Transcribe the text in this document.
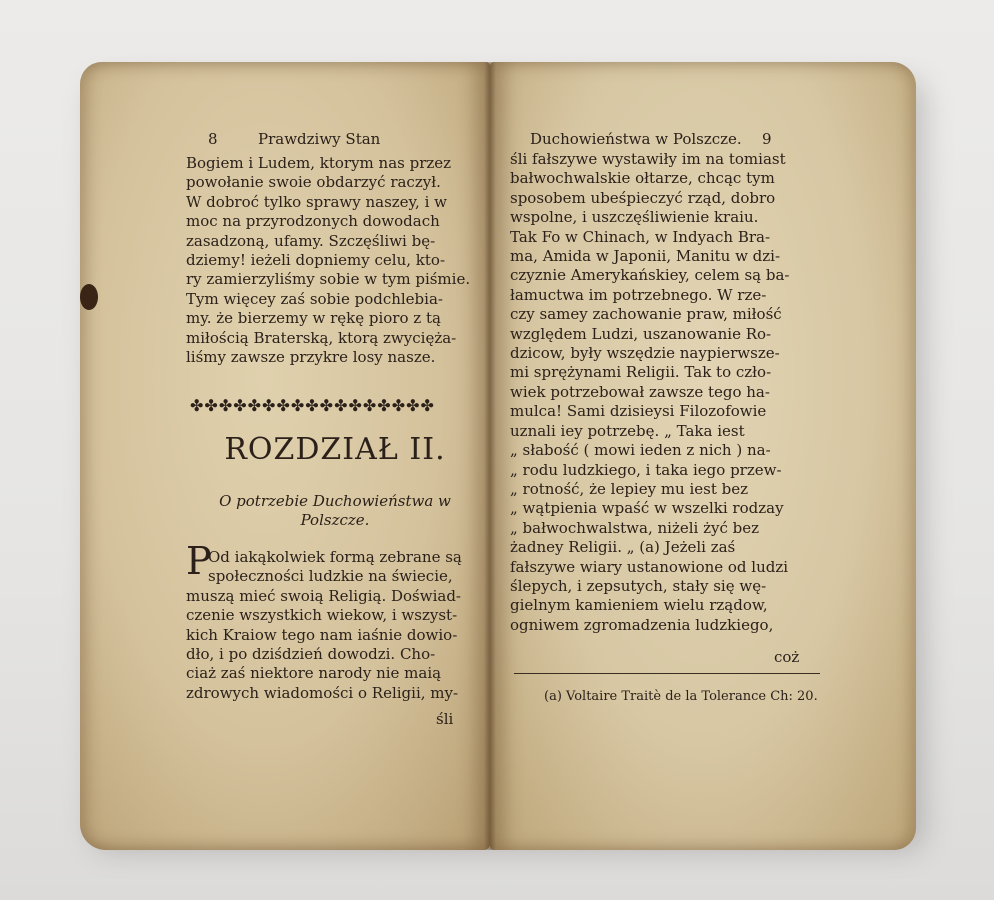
8	Prawdziwy Stan
Bogiem i Ludem, ktorym nas przez
powołanie swoie obdarzyć raczył.
W dobroć tylko sprawy naszey, i w
moc na przyrodzonych dowodach
zasadzoną, ufamy. Szczęśliwi bę-
dziemy! ieżeli dopniemy celu, kto-
ry zamierzyliśmy sobie w tym piśmie.
Tym więcey zaś sobie podchlebia-
my. że bierzemy w rękę pioro z tą
miłością Braterską, ktorą zwycięża-
liśmy zawsze przykre losy nasze.
✤✤✤✤✤✤✤✤✤✤✤✤✤✤✤✤✤
ROZDZIAŁ II.
O potrzebie Duchowieństwa w
Polszcze.
P
Od iakąkolwiek formą zebrane są
społeczności ludzkie na świecie,
muszą mieć swoią Religią. Doświad-
czenie wszystkich wiekow, i wszyst-
kich Kraiow tego nam iaśnie dowio-
dło, i po dziśdzień dowodzi. Cho-
ciaż zaś niektore narody nie maią
zdrowych wiadomości o Religii, my-
śli
Duchowieństwa w Polszcze. 9
śli fałszywe wystawiły im na tomiast
bałwochwalskie ołtarze, chcąc tym
sposobem ubeśpieczyć rząd, dobro
wspolne, i uszczęśliwienie kraiu.
Tak Fo w Chinach, w Indyach Bra-
ma, Amida w Japonii, Manitu w dzi-
czyznie Amerykańskiey, celem są ba-
łamuctwa im potrzebnego. W rze-
czy samey zachowanie praw, miłość
względem Ludzi, uszanowanie Ro-
dzicow, były wszędzie naypierwsze-
mi sprężynami Religii. Tak to czło-
wiek potrzebował zawsze tego ha-
mulca! Sami dzisieysi Filozofowie
uznali iey potrzebę. „ Taka iest
„ słabość ( mowi ieden z nich ) na-
„ rodu ludzkiego, i taka iego przew-
„ rotność, że lepiey mu iest bez
„ wątpienia wpaść w wszelki rodzay
„ bałwochwalstwa, niżeli żyć bez
żadney Religii. „ (a) Jeżeli zaś
fałszywe wiary ustanowione od ludzi
ślepych, i zepsutych, stały się wę-
gielnym kamieniem wielu rządow,
ogniwem zgromadzenia ludzkiego,
coż
(a) Voltaire Traitè de la Tolerance Ch: 20.
